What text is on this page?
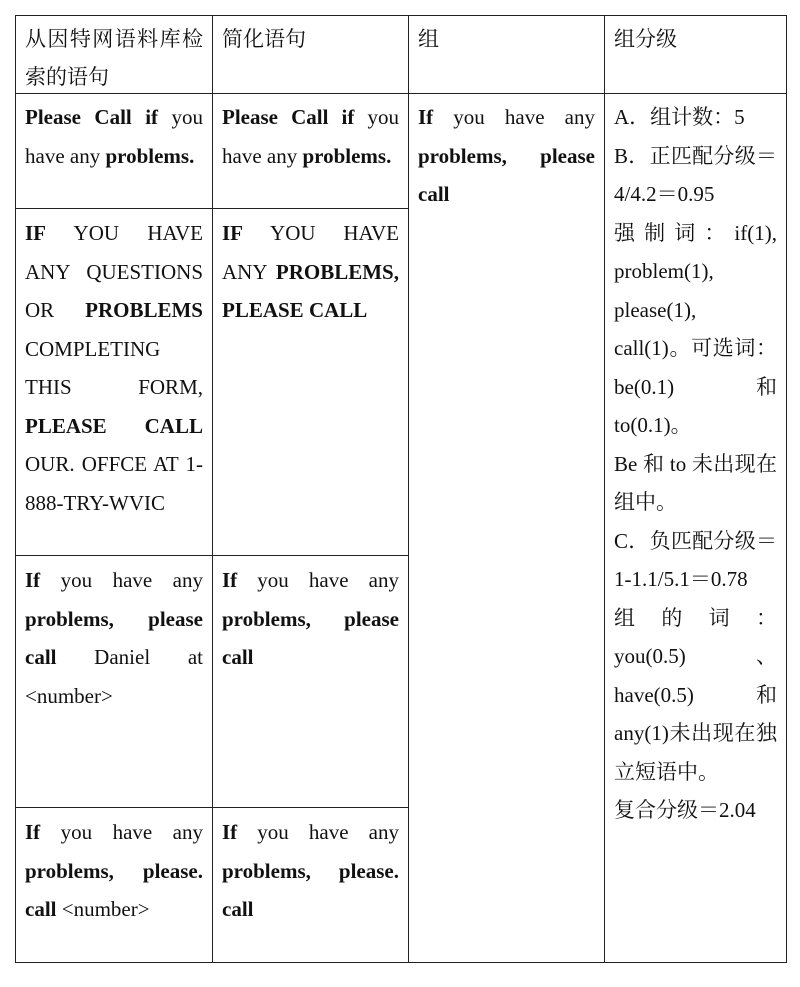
从因特网语料库检索的语句
简化语句	组	组分级
Please Call if you have any problems.
Please Call if you have any problems.
IF YOU HAVE ANY QUESTIONS OR PROBLEMS COMPLETING THIS FORM, PLEASE CALL OUR. OFFCE AT 1-888-TRY-WVIC
IF YOU HAVE ANY PROBLEMS, PLEASE CALL
If you have any problems, please call Daniel at <number>
If you have any problems, please call
If you have any problems, please. call <number>
If you have any problems, please. call
If you have any problems, please call
A．组计数：5
B．正匹配分级＝4/4.2＝0.95
强制词：if(1), problem(1), please(1), call(1)。可选词：be(0.1) 和 to(0.1)。
Be 和 to 未出现在组中。
C．负匹配分级＝1-1.1/5.1＝0.78
组的词：you(0.5)、have(0.5) 和 any(1)未出现在独立短语中。
复合分级＝2.04
